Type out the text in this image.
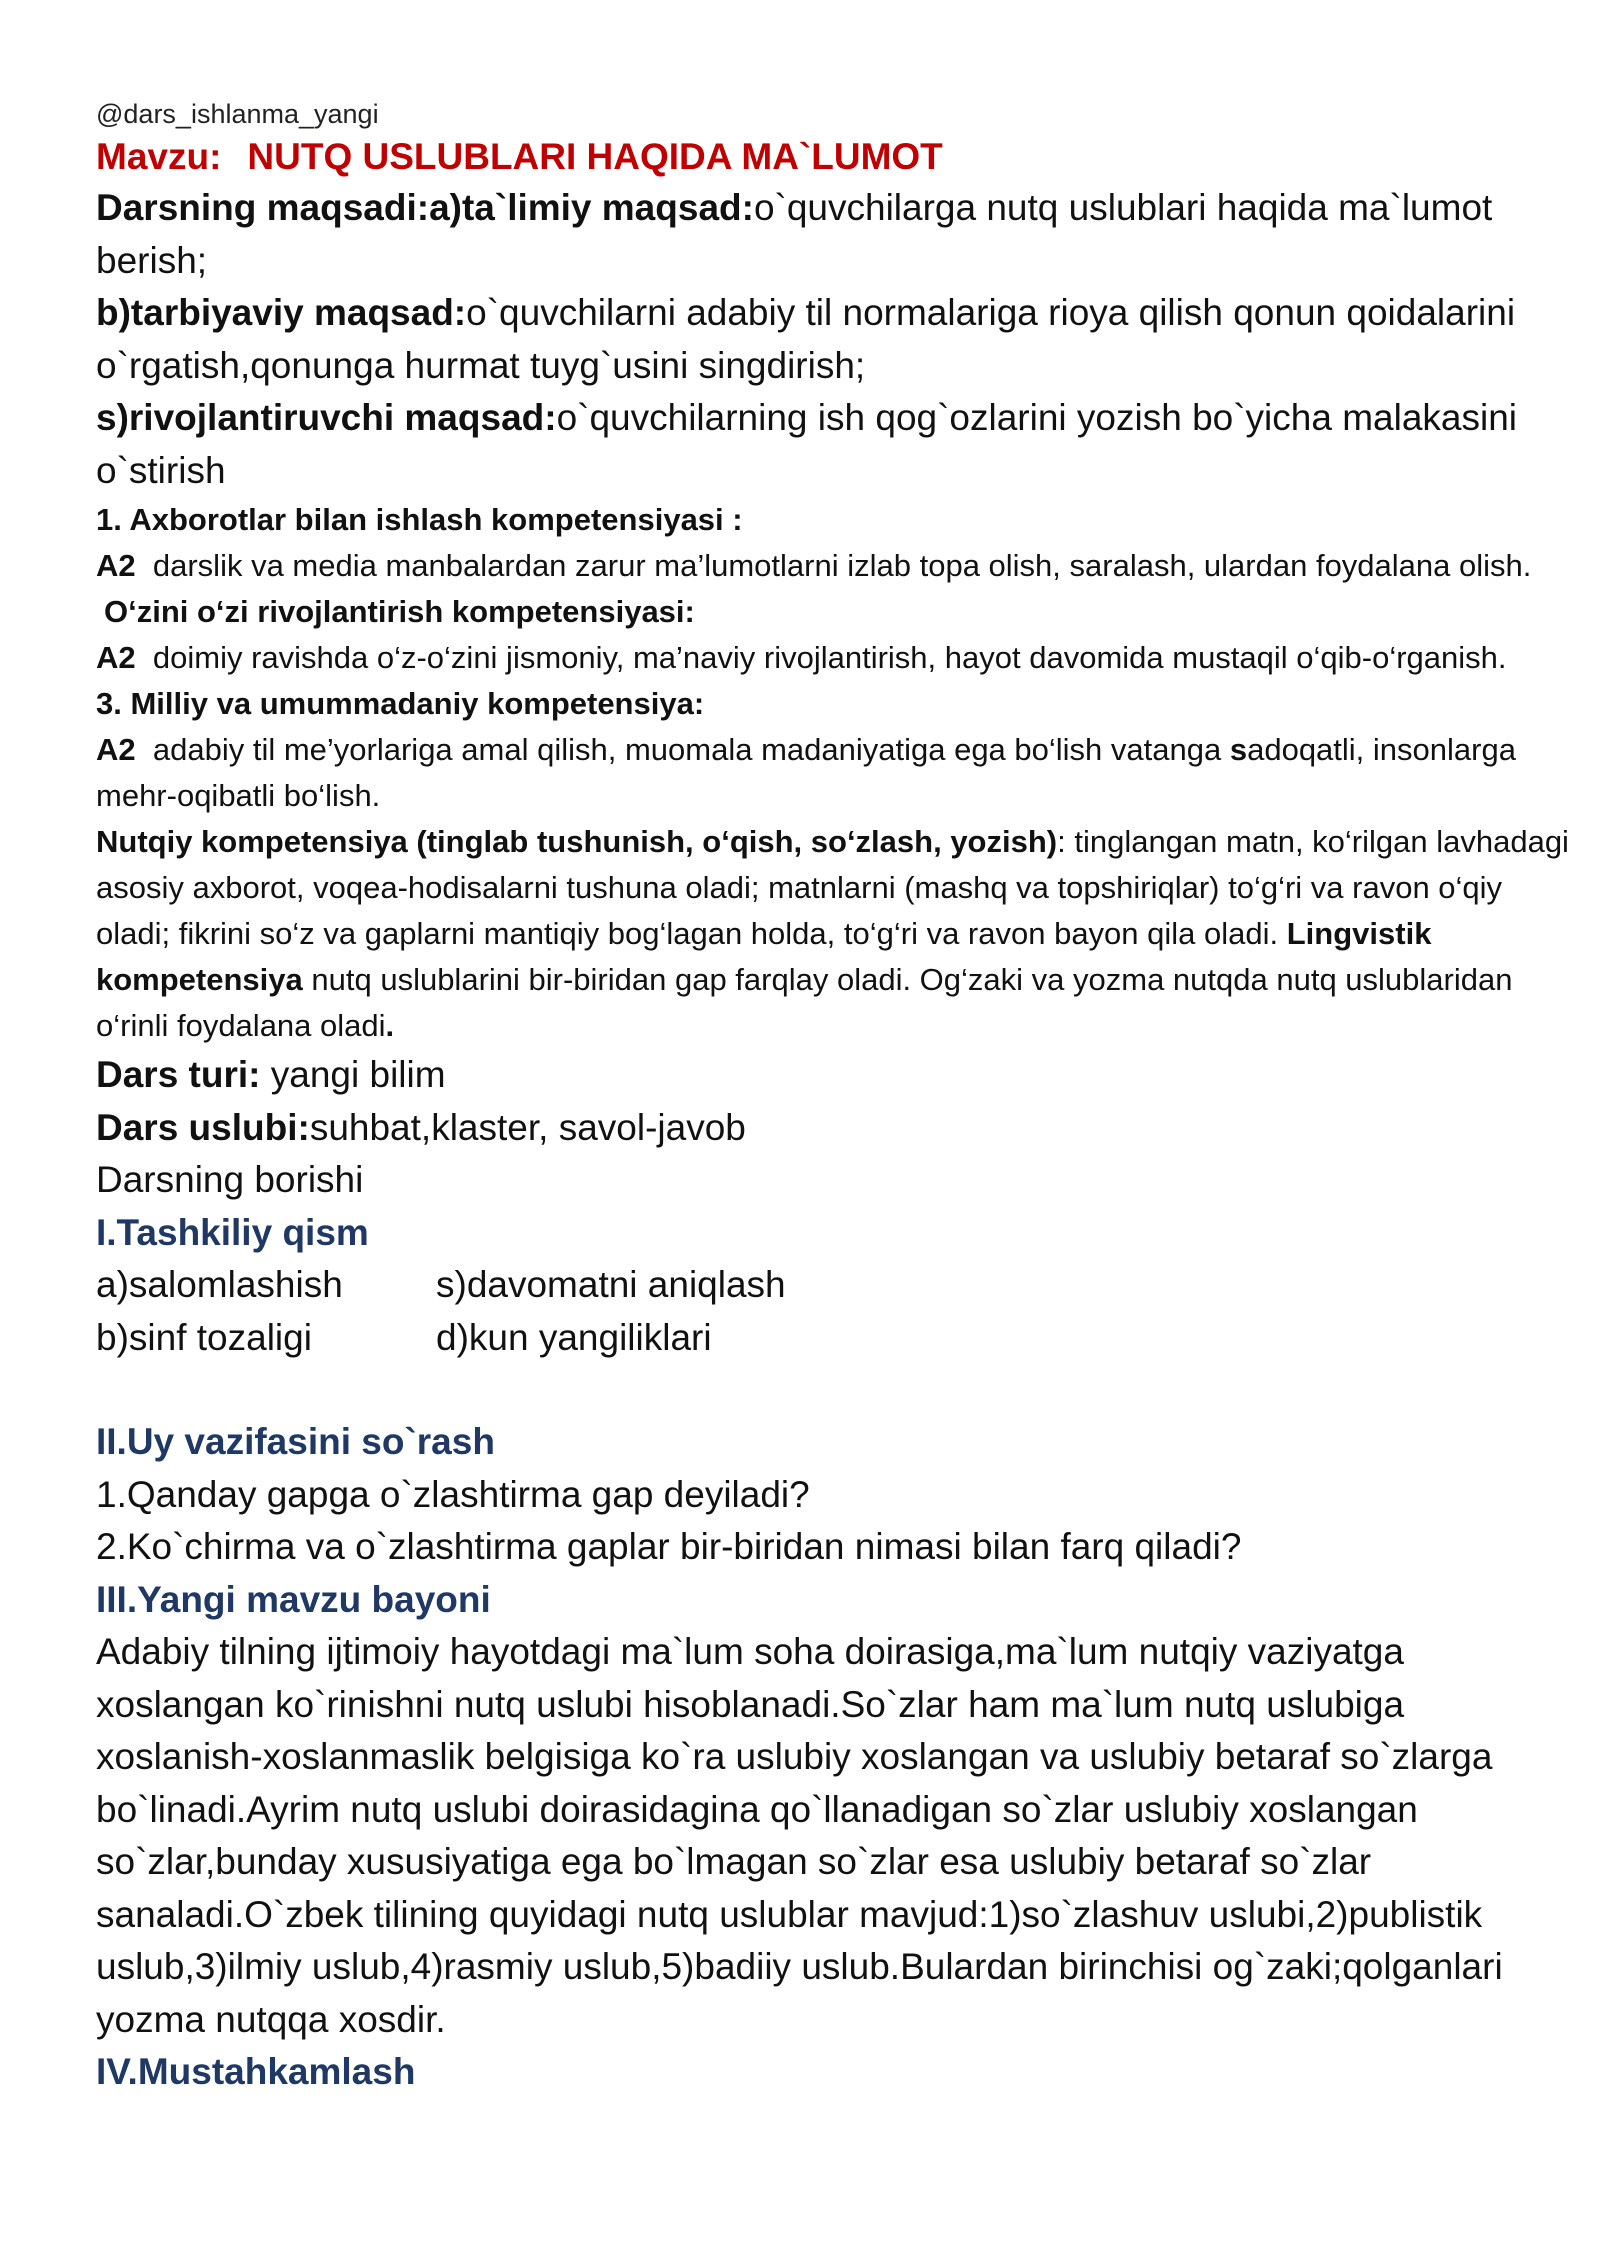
@dars_ishlanma_yangi
Mavzu: NUTQ USLUBLARI HAQIDA MA`LUMOT
Darsning maqsadi:a)ta`limiy maqsad:o`quvchilarga nutq uslublari haqida ma`lumot berish;
b)tarbiyaviy maqsad:o`quvchilarni adabiy til normalariga rioya qilish qonun qoidalarini o`rgatish,qonunga hurmat tuyg`usini singdirish;
s)rivojlantiruvchi maqsad:o`quvchilarning ish qog`ozlarini yozish bo`yicha malakasini o`stirish
1. Axborotlar bilan ishlash kompetensiyasi :
A2 darslik va media manbalardan zarur ma’lumotlarni izlab topa olish, saralash, ulardan foydalana olish.
O‘zini o‘zi rivojlantirish kompetensiyasi:
A2 doimiy ravishda o‘z-o‘zini jismoniy, ma’naviy rivojlantirish, hayot davomida mustaqil o‘qib-o‘rganish.
3. Milliy va umummadaniy kompetensiya:
A2 adabiy til me’yorlariga amal qilish, muomala madaniyatiga ega bo‘lish vatanga sadoqatli, insonlarga mehr-oqibatli bo‘lish.
Nutqiy kompetensiya (tinglab tushunish, o‘qish, so‘zlash, yozish): tinglangan matn, ko‘rilgan lavhadagi asosiy axborot, voqea-hodisalarni tushuna oladi; matnlarni (mashq va topshiriqlar) to‘g‘ri va ravon o‘qiy oladi; fikrini so‘z va gaplarni mantiqiy bog‘lagan holda, to‘g‘ri va ravon bayon qila oladi. Lingvistik kompetensiya nutq uslublarini bir-biridan gap farqlay oladi. Og‘zaki va yozma nutqda nutq uslublaridan o‘rinli foydalana oladi.
Dars turi: yangi bilim
Dars uslubi:suhbat,klaster, savol-javob
Darsning borishi
I.Tashkiliy qism
a)salomlashish	s)davomatni aniqlash
b)sinf tozaligi	d)kun yangiliklari
II.Uy vazifasini so`rash
1.Qanday gapga o`zlashtirma gap deyiladi?
2.Ko`chirma va o`zlashtirma gaplar bir-biridan nimasi bilan farq qiladi?
III.Yangi mavzu bayoni
Adabiy tilning ijtimoiy hayotdagi ma`lum soha doirasiga,ma`lum nutqiy vaziyatga xoslangan ko`rinishni nutq uslubi hisoblanadi.So`zlar ham ma`lum nutq uslubiga xoslanish-xoslanmaslik belgisiga ko`ra uslubiy xoslangan va uslubiy betaraf so`zlarga bo`linadi.Ayrim nutq uslubi doirasidagina qo`llanadigan so`zlar uslubiy xoslangan so`zlar,bunday xususiyatiga ega bo`lmagan so`zlar esa uslubiy betaraf so`zlar sanaladi.O`zbek tilining quyidagi nutq uslublar mavjud:1)so`zlashuv uslubi,2)publistik uslub,3)ilmiy uslub,4)rasmiy uslub,5)badiiy uslub.Bulardan birinchisi og`zaki;qolganlari yozma nutqqa xosdir.
IV.Mustahkamlash
